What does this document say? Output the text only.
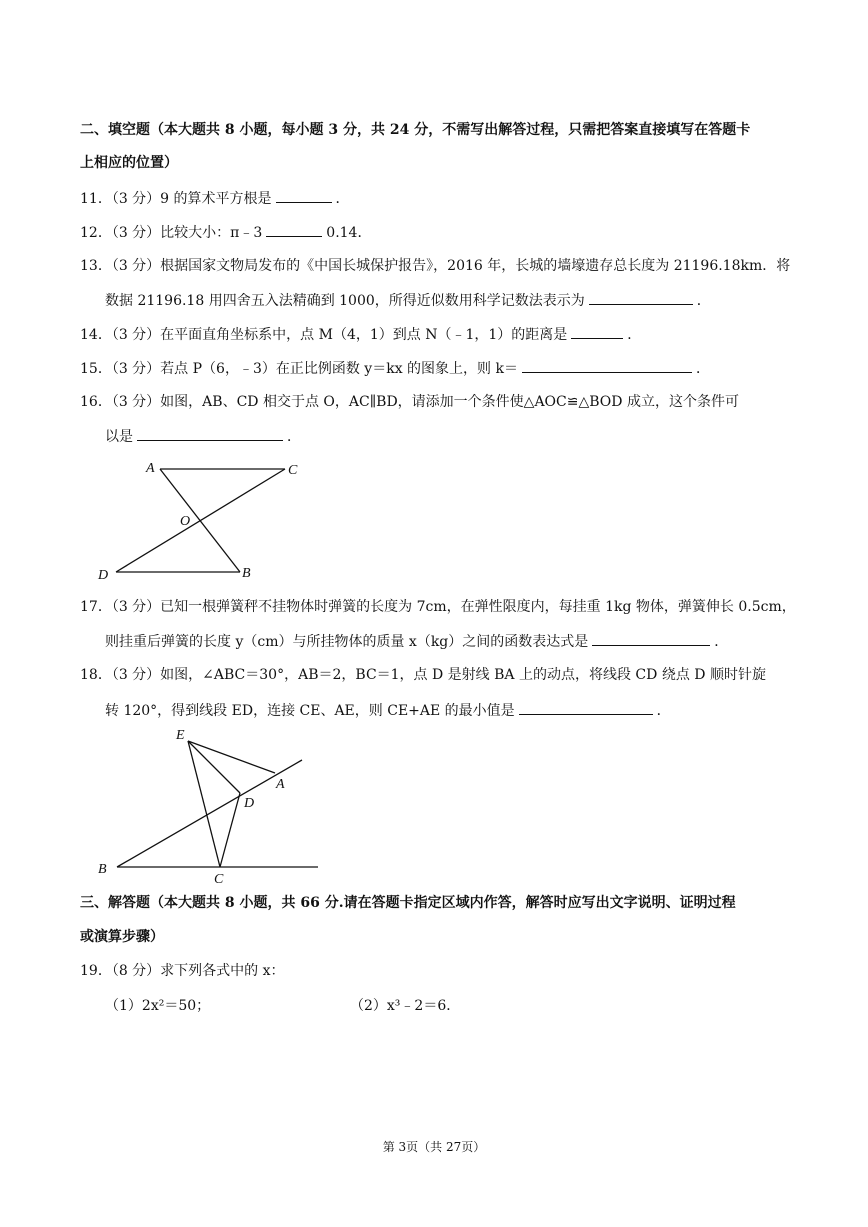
二、填空题（本大题共 8 小题，每小题 3 分，共 24 分，不需写出解答过程，只需把答案直接填写在答题卡
上相应的位置）
11．（3 分）9 的算术平方根是	．
12．（3 分）比较大小：π﹣3	0.14．
13．（3 分）根据国家文物局发布的《中国长城保护报告》，2016 年，长城的墙壕遗存总长度为 21196.18km．将
数据 21196.18 用四舍五入法精确到 1000，所得近似数用科学记数法表示为	．
14．（3 分）在平面直角坐标系中，点 M（4，1）到点 N（﹣1，1）的距离是	．
15．（3 分）若点 P（6，﹣3）在正比例函数 y＝kx 的图象上，则 k＝	．
16．（3 分）如图，AB、CD 相交于点 O，AC∥BD，请添加一个条件使△AOC≌△BOD 成立，这个条件可
以是	．
A	C
O
D	B
17．（3 分）已知一根弹簧秤不挂物体时弹簧的长度为 7cm，在弹性限度内，每挂重 1kg 物体，弹簧伸长 0.5cm，
则挂重后弹簧的长度 y（cm）与所挂物体的质量 x（kg）之间的函数表达式是	．
18．（3 分）如图，∠ABC＝30°，AB＝2，BC＝1，点 D 是射线 BA 上的动点，将线段 CD 绕点 D 顺时针旋
转 120°，得到线段 ED，连接 CE、AE，则 CE+AE 的最小值是	．
E
A
D
B
C
三、解答题（本大题共 8 小题，共 66 分.请在答题卡指定区域内作答，解答时应写出文字说明、证明过程
或演算步骤）
19．（8 分）求下列各式中的 x：
（1）2x²＝50；	（2）x³﹣2＝6．
第 3页（共 27页）
